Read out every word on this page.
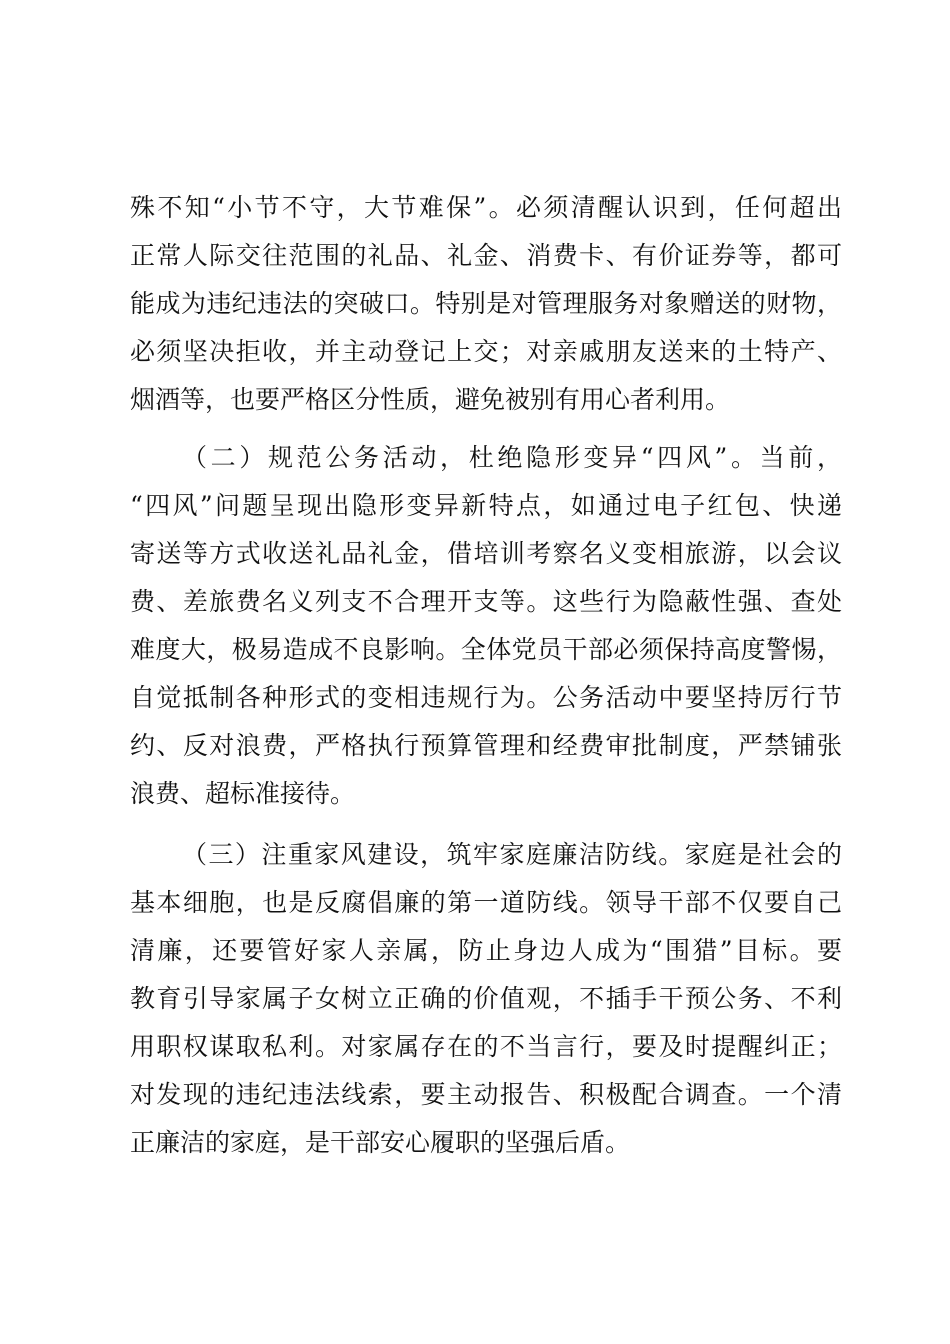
殊不知“小节不守，大节难保”。必须清醒认识到，任何超出
正常人际交往范围的礼品、礼金、消费卡、有价证券等，都可
能成为违纪违法的突破口。特别是对管理服务对象赠送的财物，
必须坚决拒收，并主动登记上交；对亲戚朋友送来的土特产、
烟酒等，也要严格区分性质，避免被别有用心者利用。
（二）规范公务活动，杜绝隐形变异“四风”。当前，
“四风”问题呈现出隐形变异新特点，如通过电子红包、快递
寄送等方式收送礼品礼金，借培训考察名义变相旅游，以会议
费、差旅费名义列支不合理开支等。这些行为隐蔽性强、查处
难度大，极易造成不良影响。全体党员干部必须保持高度警惕，
自觉抵制各种形式的变相违规行为。公务活动中要坚持厉行节
约、反对浪费，严格执行预算管理和经费审批制度，严禁铺张
浪费、超标准接待。
（三）注重家风建设，筑牢家庭廉洁防线。家庭是社会的
基本细胞，也是反腐倡廉的第一道防线。领导干部不仅要自己
清廉，还要管好家人亲属，防止身边人成为“围猎”目标。要
教育引导家属子女树立正确的价值观，不插手干预公务、不利
用职权谋取私利。对家属存在的不当言行，要及时提醒纠正；
对发现的违纪违法线索，要主动报告、积极配合调查。一个清
正廉洁的家庭，是干部安心履职的坚强后盾。
